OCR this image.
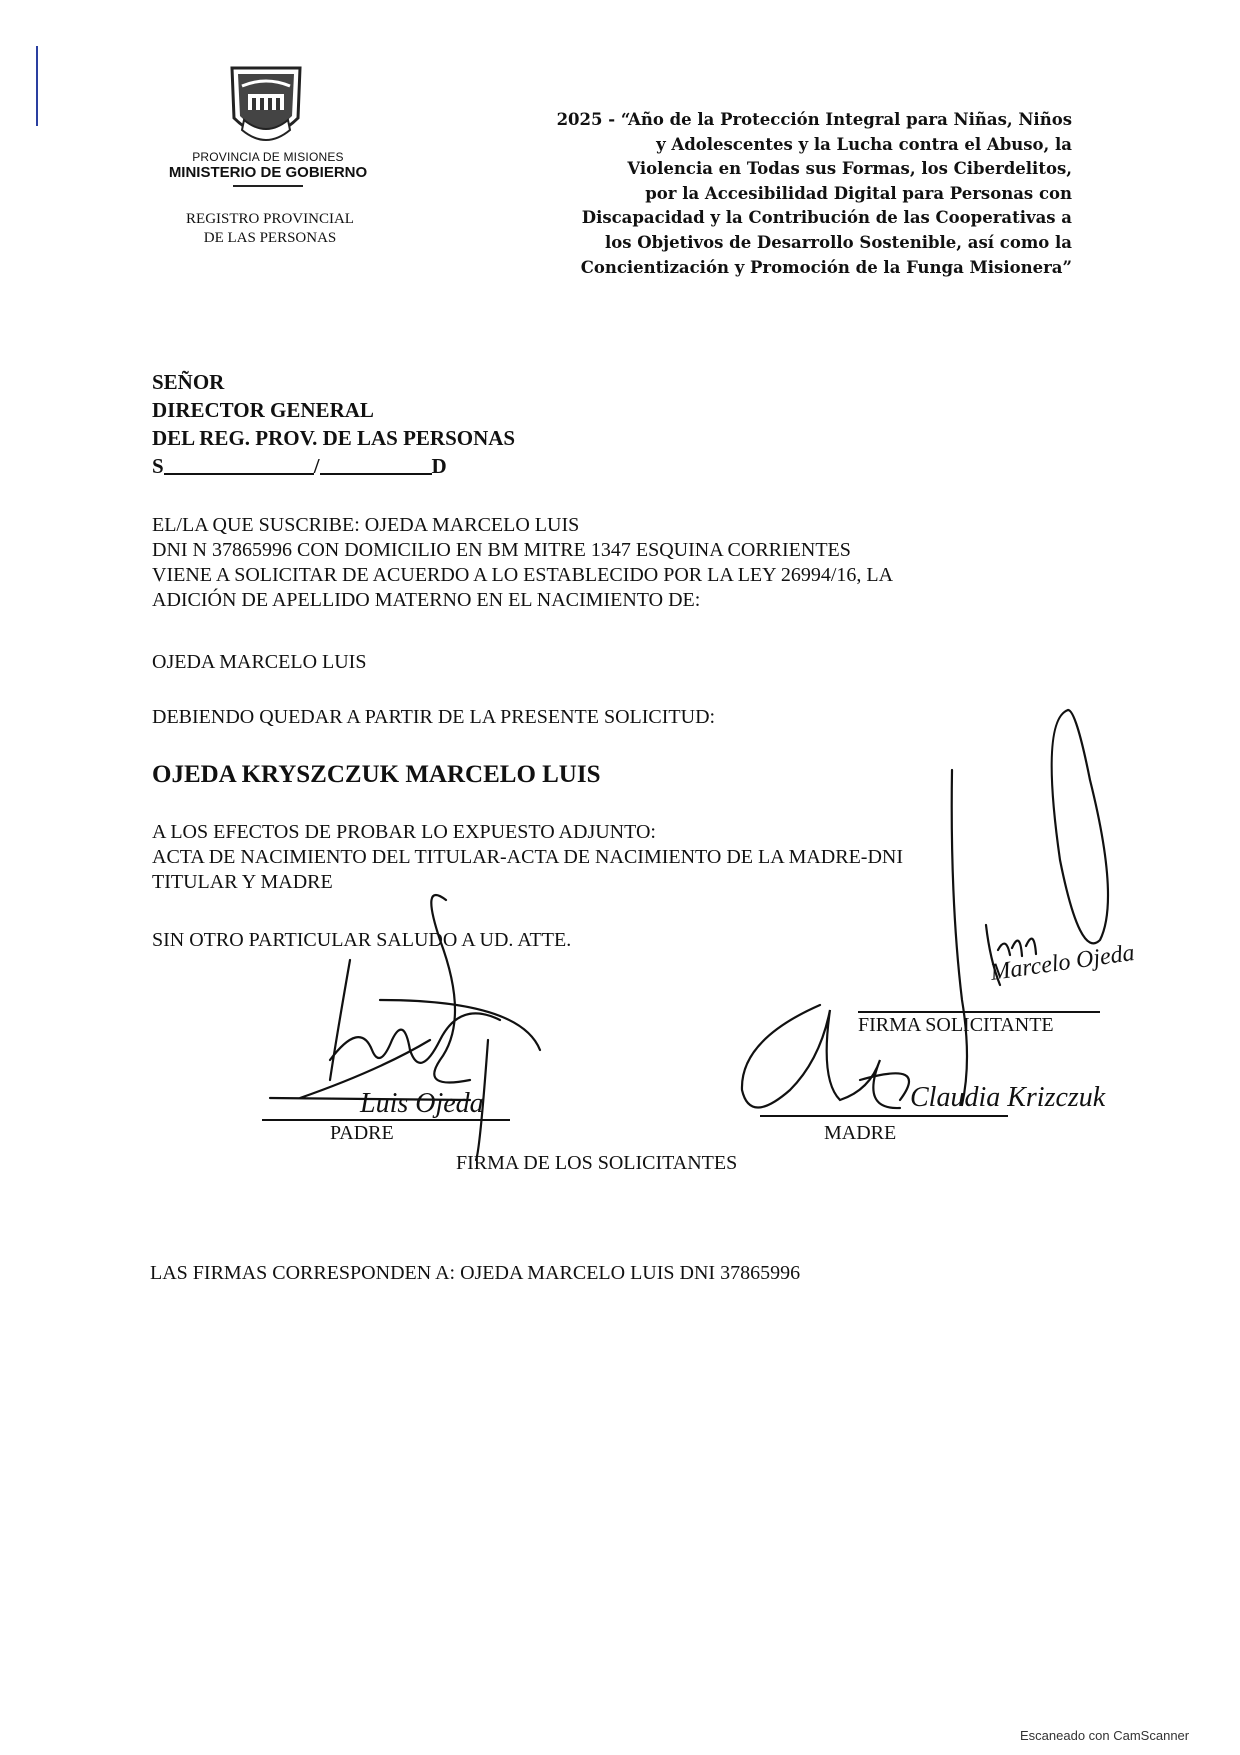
PROVINCIA DE MISIONES
MINISTERIO DE GOBIERNO
REGISTRO PROVINCIAL
DE LAS PERSONAS
2025 - “Año de la Protección Integral para Niñas, Niños
y Adolescentes y la Lucha contra el Abuso, la
Violencia en Todas sus Formas, los Ciberdelitos,
por la Accesibilidad Digital para Personas con
Discapacidad y la Contribución de las Cooperativas a
los Objetivos de Desarrollo Sostenible, así como la
Concientización y Promoción de la Funga Misionera”
SEÑOR
DIRECTOR GENERAL
DEL REG. PROV. DE LAS PERSONAS
S	/	D
EL/LA QUE SUSCRIBE: OJEDA MARCELO LUIS
DNI N 37865996 CON DOMICILIO EN BM MITRE 1347 ESQUINA CORRIENTES
VIENE A SOLICITAR DE ACUERDO A LO ESTABLECIDO POR LA LEY 26994/16, LA
ADICIÓN DE APELLIDO MATERNO EN EL NACIMIENTO DE:
OJEDA MARCELO LUIS
DEBIENDO QUEDAR A PARTIR DE LA PRESENTE SOLICITUD:
OJEDA KRYSZCZUK MARCELO LUIS
A LOS EFECTOS DE PROBAR LO EXPUESTO ADJUNTO:
ACTA DE NACIMIENTO DEL TITULAR-ACTA DE NACIMIENTO DE LA MADRE-DNI
TITULAR Y MADRE
SIN OTRO PARTICULAR SALUDO A UD. ATTE.
Luis Ojeda	Claudia Krizczuk
Marcelo Ojeda
FIRMA SOLICITANTE
PADRE	MADRE
FIRMA DE LOS SOLICITANTES
LAS FIRMAS CORRESPONDEN A: OJEDA MARCELO LUIS DNI 37865996
Escaneado con CamScanner
